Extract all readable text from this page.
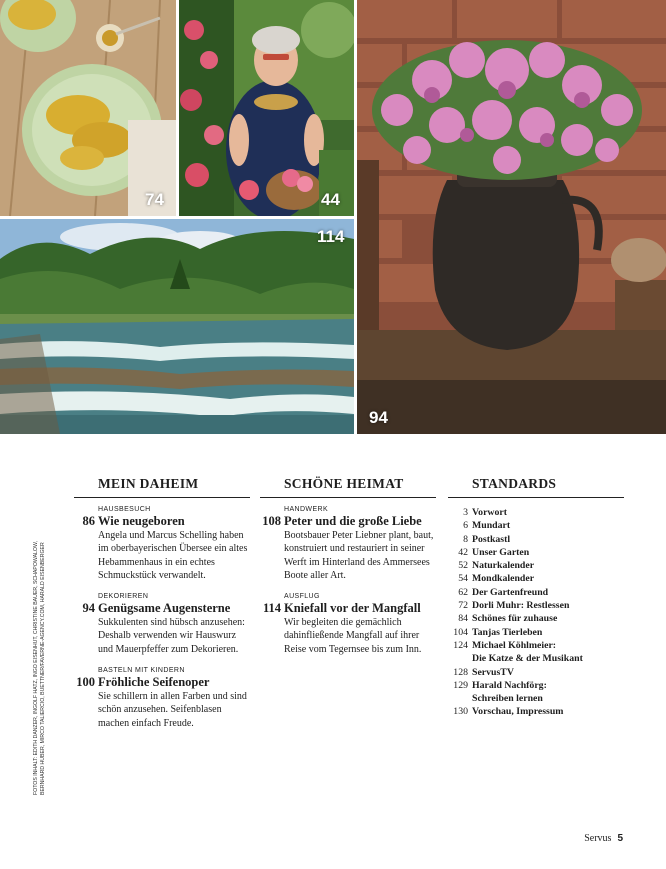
74	44
114
94
MEIN DAHEIM
HAUSBESUCH
86 Wie neugeboren
Angela und Marcus Schelling haben im oberbayerischen Übersee ein altes Hebammenhaus in ein echtes Schmuckstück verwandelt.
DEKORIEREN
94 Genügsame Augensterne
Sukkulenten sind hübsch anzusehen: Deshalb verwenden wir Hauswurz und Mauerpfeffer zum Dekorieren.
BASTELN MIT KINDERN
100 Fröhliche Seifenoper
Sie schillern in allen Farben und sind schön anzusehen. Seifenblasen machen einfach Freude.
SCHÖNE HEIMAT
HANDWERK
108 Peter und die große Liebe
Bootsbauer Peter Liebner plant, baut, konstruiert und restauriert in seiner Werft im Hinterland des Ammersees Boote aller Art.
AUSFLUG
114 Kniefall vor der Mangfall
Wir begleiten die gemächlich dahinfließende Mangfall auf ihrer Reise vom Tegernsee bis zum Inn.
STANDARDS
3 Vorwort
6 Mundart
8 Postkastl
42 Unser Garten
52 Naturkalender
54 Mondkalender
62 Der Gartenfreund
72 Dorli Muhr: Restlessen
84 Schönes für zuhause
104 Tanjas Tierleben
124 Michael Köhlmeier:
Die Katze & der Musikant
128 ServusTV
129 Harald Nachförg:
Schreiben lernen
130 Vorschau, Impressum
FOTOS INHALT: EDITH DANZER, INGOLF HATZ, INGO EISENHUT, CHRISTINE BAUER, SCHAPOWALOW, BERNHARD HUBER, MIRCO TALIERCIO, BUETTNER/FAVERNE-AGENCY.COM, HARALD EISENBERGER
Servus 5
